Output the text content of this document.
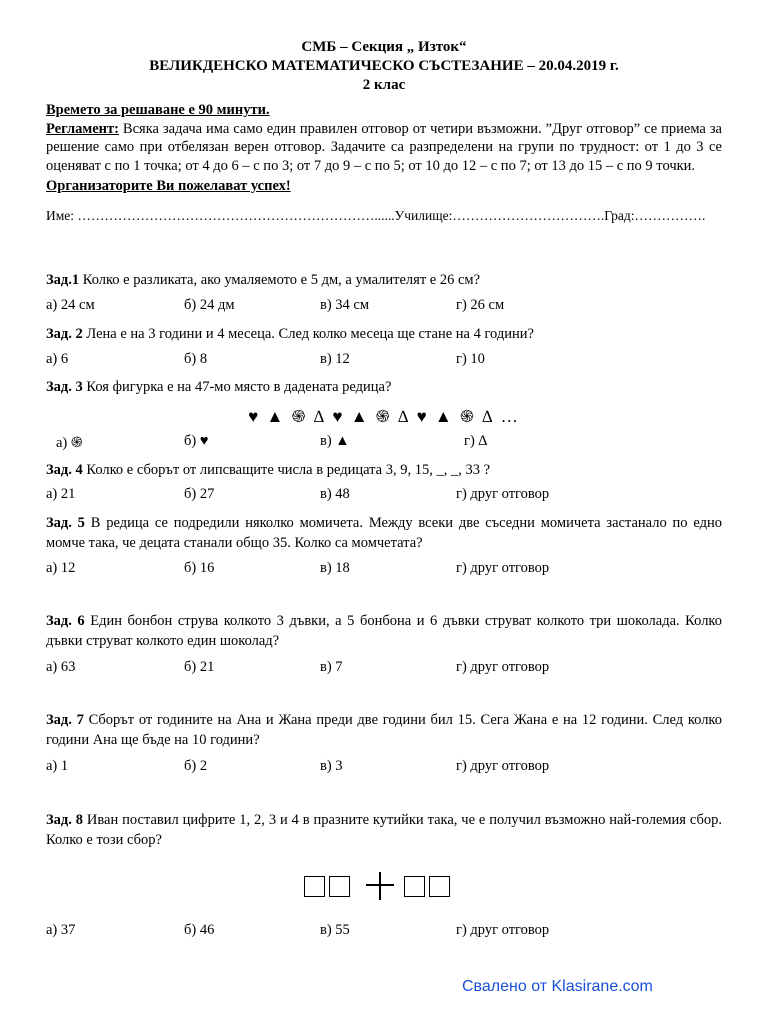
СМБ – Секция „ Изток“
ВЕЛИКДЕНСКО МАТЕМАТИЧЕСКО СЪСТЕЗАНИЕ – 20.04.2019 г.
2 клас
Времето за решаване е 90 минути.
Регламент: Всяка задача има само един правилен отговор от четири възможни. ”Друг отговор” се приема за решение само при отбелязан верен отговор. Задачите са разпределени на групи по трудност: от 1 до 3 се оценяват с по 1 точка; от 4 до 6 – с по 3; от 7 до 9 – с по 5; от 10 до 12 – с по 7; от 13 до 15 – с по 9 точки.
Организаторите Ви пожелават успех!
Име: …………………………………………………………......Училище:…………………………….Град:…………….
Зад.1 Колко е разликата, ако умаляемото е 5 дм, а умалителят е 26 см?
а) 24 см	б) 24 дм	в) 34 см	г) 26 см
Зад. 2 Лена е на 3 години и 4 месеца. След колко месеца ще стане на 4 години?
а) 6	б) 8	в) 12	г) 10
Зад. 3 Коя фигурка е на 47-мо място в дадената редица?
♥ ▲ ֍ ∆ ♥ ▲ ֍ ∆ ♥ ▲ ֍ ∆ …
а) ֍	б) ♥	в) ▲	г) ∆
Зад. 4 Колко е сборът от липсващите числа в редицата 3, 9, 15, _, _, 33 ?
а) 21	б) 27	в) 48	г) друг отговор
Зад. 5 В редица се подредили няколко момичета. Между всеки две съседни момичета застанало по едно момче така, че децата станали общо 35. Колко са момчетата?
а) 12	б) 16	в) 18	г) друг отговор
Зад. 6 Един бонбон струва колкото 3 дъвки, а 5 бонбона и 6 дъвки струват колкото три шоколада. Колко дъвки струват колкото един шоколад?
а) 63	б) 21	в) 7	г) друг отговор
Зад. 7 Сборът от годините на Ана и Жана преди две години бил 15. Сега Жана е на 12 години. След колко години Ана ще бъде на 10 години?
а) 1	б) 2	в) 3	г) друг отговор
Зад. 8 Иван поставил цифрите 1, 2, 3 и 4 в празните кутийки така, че е получил възможно най-големия сбор. Колко е този сбор?
а) 37	б) 46	в) 55	г) друг отговор
Свалено от Klasirane.com
